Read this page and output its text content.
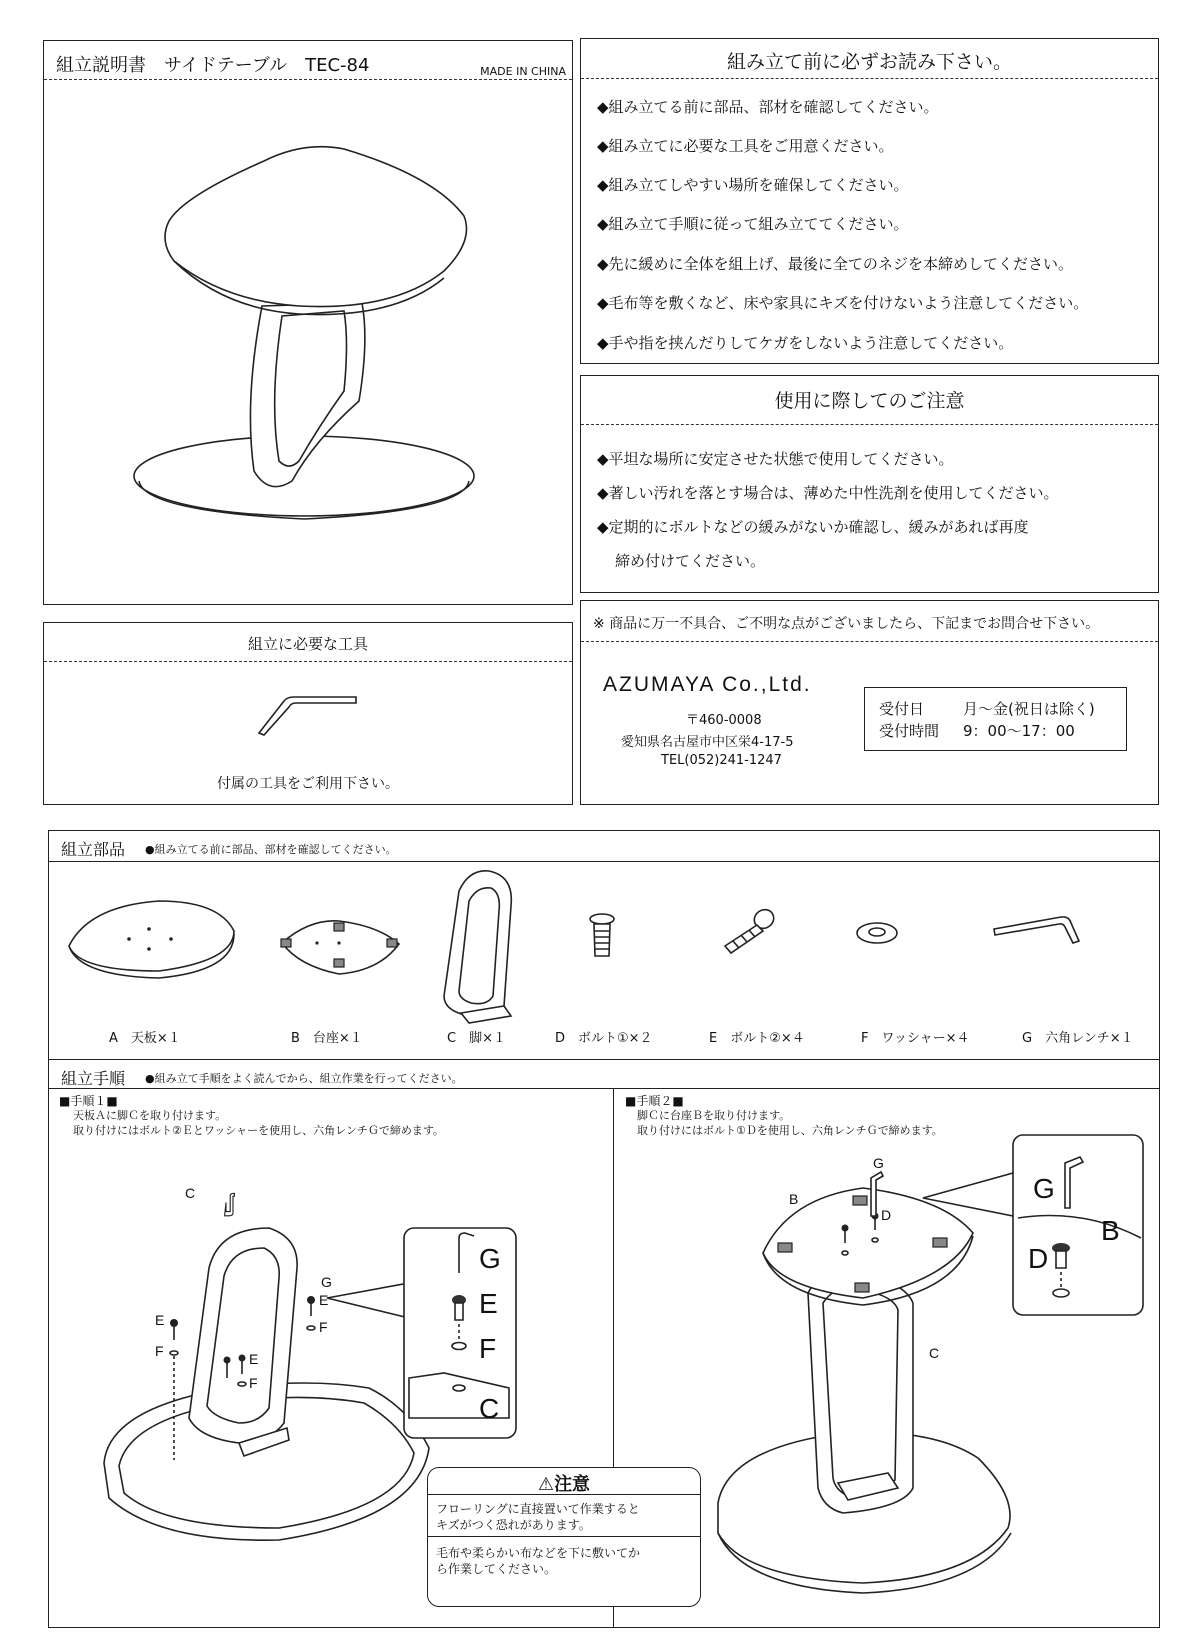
組立説明書　サイドテーブル　TEC-84	MADE IN CHINA	組み立て前に必ずお読み下さい。
◆組み立てる前に部品、部材を確認してください。
◆組み立てに必要な工具をご用意ください。
◆組み立てしやすい場所を確保してください。
◆組み立て手順に従って組み立ててください。
◆先に緩めに全体を組上げ、最後に全てのネジを本締めしてください。
◆毛布等を敷くなど、床や家具にキズを付けないよう注意してください。
◆手や指を挟んだりしてケガをしないよう注意してください。
使用に際してのご注意
◆平坦な場所に安定させた状態で使用してください。
◆著しい汚れを落とす場合は、薄めた中性洗剤を使用してください。
◆定期的にボルトなどの緩みがないか確認し、緩みがあれば再度
締め付けてください。
組立に必要な工具
付属の工具をご利用下さい。
※ 商品に万一不具合、ご不明な点がございましたら、下記までお問合せ下さい。
AZUMAYA Co.,Ltd.
〒460-0008
愛知県名古屋市中区栄4-17-5
TEL(052)241-1247
受付日	月〜金(祝日は除く)
受付時間 9：00〜17：00
組立部品 ●組み立てる前に部品、部材を確認してください。
A　天板×１	B　台座×１	C　脚×１	D　ボルト①×２	E　ボルト②×４	F　ワッシャー×４	G　六角レンチ×１
組立手順 ●組み立て手順をよく読んでから、組立作業を行ってください。
■手順１■
天板Ａに脚Ｃを取り付けます。
取り付けにはボルト②Ｅとワッシャーを使用し、六角レンチＧで締めます。
■手順２■
脚Ｃに台座Ｂを取り付けます。
取り付けにはボルト①Ｄを使用し、六角レンチＧで締めます。
C
E
F
G
E
F
E
F
G
E
F
C
⚠注意
フローリングに直接置いて作業すると
キズがつく恐れがあります。
毛布や柔らかい布などを下に敷いてか
ら作業してください。
B
G
D
C
G
D
B
